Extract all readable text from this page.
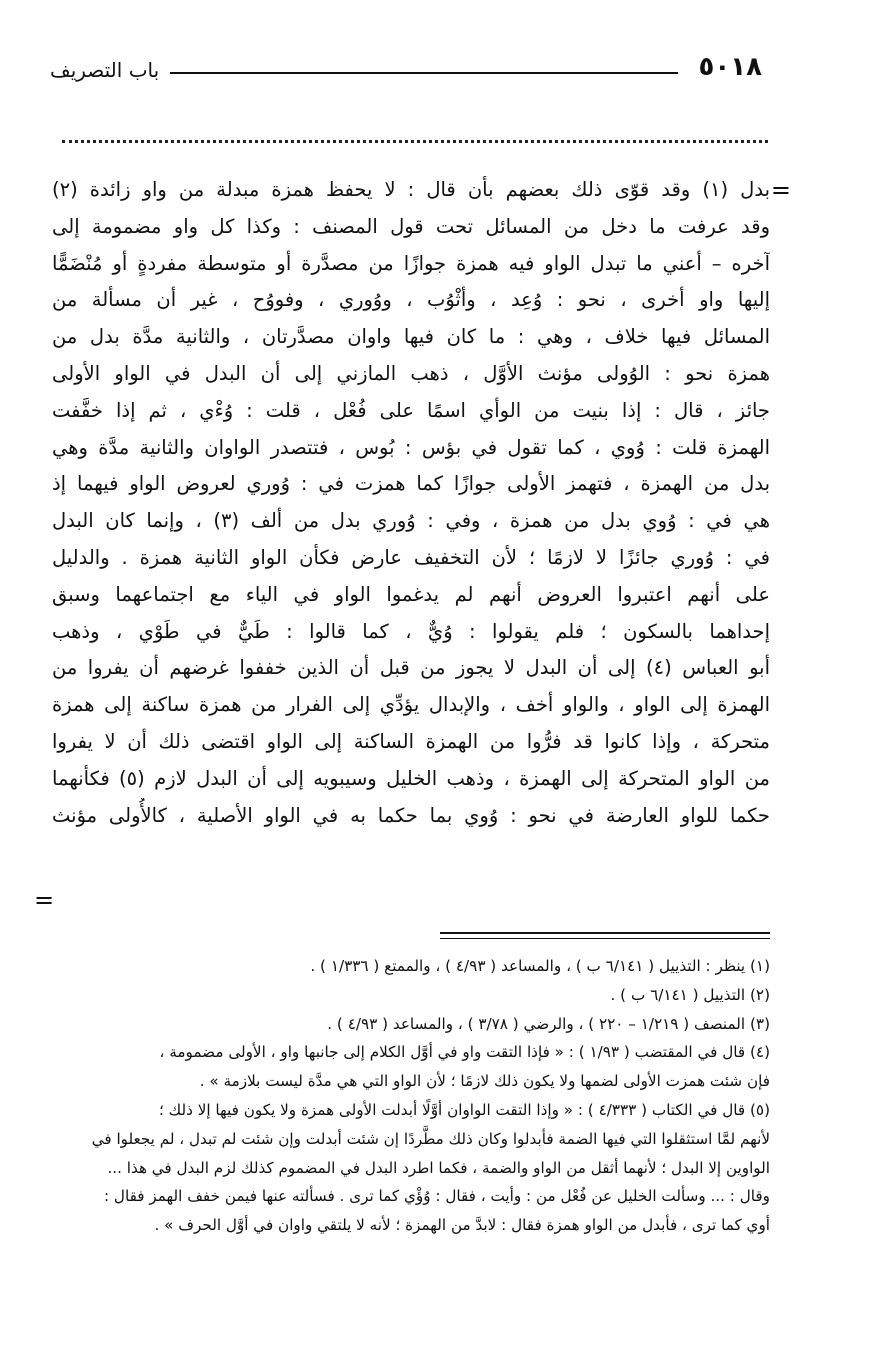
٥٠١٨
باب التصريف
=
بدل (١) وقد قوّى ذلك بعضهم بأن قال : لا يحفظ همزة مبدلة من واو زائدة (٢)
وقد عرفت ما دخل من المسائل تحت قول المصنف : وكذا كل واو مضمومة إلى
آخره – أعني ما تبدل الواو فيه همزة جوازًا من مصدَّرة أو متوسطة مفردةٍ أو مُنْضَمًّا
إليها واو أخرى ، نحو : وُعِد ، وأثْوُب ، ووُوري ، وفووُح ، غير أن مسألة من
المسائل فيها خلاف ، وهي : ما كان فيها واوان مصدَّرتان ، والثانية مدَّة بدل من
همزة نحو : الوُولى مؤنث الأوَّل ، ذهب المازني إلى أن البدل في الواو الأولى
جائز ، قال : إذا بنيت من الوأي اسمًا على فُعْل ، قلت : وُءْي ، ثم إذا خفَّفت
الهمزة قلت : وُوي ، كما تقول في بؤس : بُوس ، فتتصدر الواوان والثانية مدَّة وهي
بدل من الهمزة ، فتهمز الأولى جوازًا كما همزت في : وُوري لعروض الواو فيهما إذ
هي في : وُوي بدل من همزة ، وفي : وُوري بدل من ألف (٣) ، وإنما كان البدل
في : وُوري جائزًا لا لازمًا ؛ لأن التخفيف عارض فكأن الواو الثانية همزة . والدليل
على أنهم اعتبروا العروض أنهم لم يدغموا الواو في الياء مع اجتماعهما وسبق
إحداهما بالسكون ؛ فلم يقولوا : وُيٌّ ، كما قالوا : طَيٌّ في طَوْي ، وذهب
أبو العباس (٤) إلى أن البدل لا يجوز من قبل أن الذين خففوا غرضهم أن يفروا من
الهمزة إلى الواو ، والواو أخف ، والإبدال يؤدِّي إلى الفرار من همزة ساكنة إلى همزة
متحركة ، وإذا كانوا قد فرُّوا من الهمزة الساكنة إلى الواو اقتضى ذلك أن لا يفروا
من الواو المتحركة إلى الهمزة ، وذهب الخليل وسيبويه إلى أن البدل لازم (٥) فكأنهما
حكما للواو العارضة في نحو : وُوي بما حكما به في الواو الأصلية ، كالأُولى مؤنث
=
(١) ينظر : التذييل ( ٦/١٤١ ب ) ، والمساعد ( ٤/٩٣ ) ، والممتع ( ١/٣٣٦ ) .
(٢) التذييل ( ٦/١٤١ ب ) .
(٣) المنصف ( ١/٢١٩ – ٢٢٠ ) ، والرضي ( ٣/٧٨ ) ، والمساعد ( ٤/٩٣ ) .
(٤) قال في المقتضب ( ١/٩٣ ) : « فإذا التقت واو في أوَّل الكلام إلى جانبها واو ، الأولى مضمومة ،
فإن شئت همزت الأولى لضمها ولا يكون ذلك لازمًا ؛ لأن الواو التي هي مدَّة ليست بلازمة » .
(٥) قال في الكتاب ( ٤/٣٣٣ ) : « وإذا التقت الواوان أوَّلًا أبدلت الأولى همزة ولا يكون فيها إلا ذلك ؛
لأنهم لمَّا استثقلوا التي فيها الضمة فأبدلوا وكان ذلك مطَّردًا إن شئت أبدلت وإن شئت لم تبدل ، لم يجعلوا في
الواوين إلا البدل ؛ لأنهما أثقل من الواو والضمة ، فكما اطرد البدل في المضموم كذلك لزم البدل في هذا ...
وقال : ... وسألت الخليل عن فُعْل من : وأيت ، فقال : وُؤْي كما ترى . فسألته عنها فيمن خفف الهمز فقال :
أوي كما ترى ، فأبدل من الواو همزة فقال : لابدَّ من الهمزة ؛ لأنه لا يلتقي واوان في أوَّل الحرف » .
